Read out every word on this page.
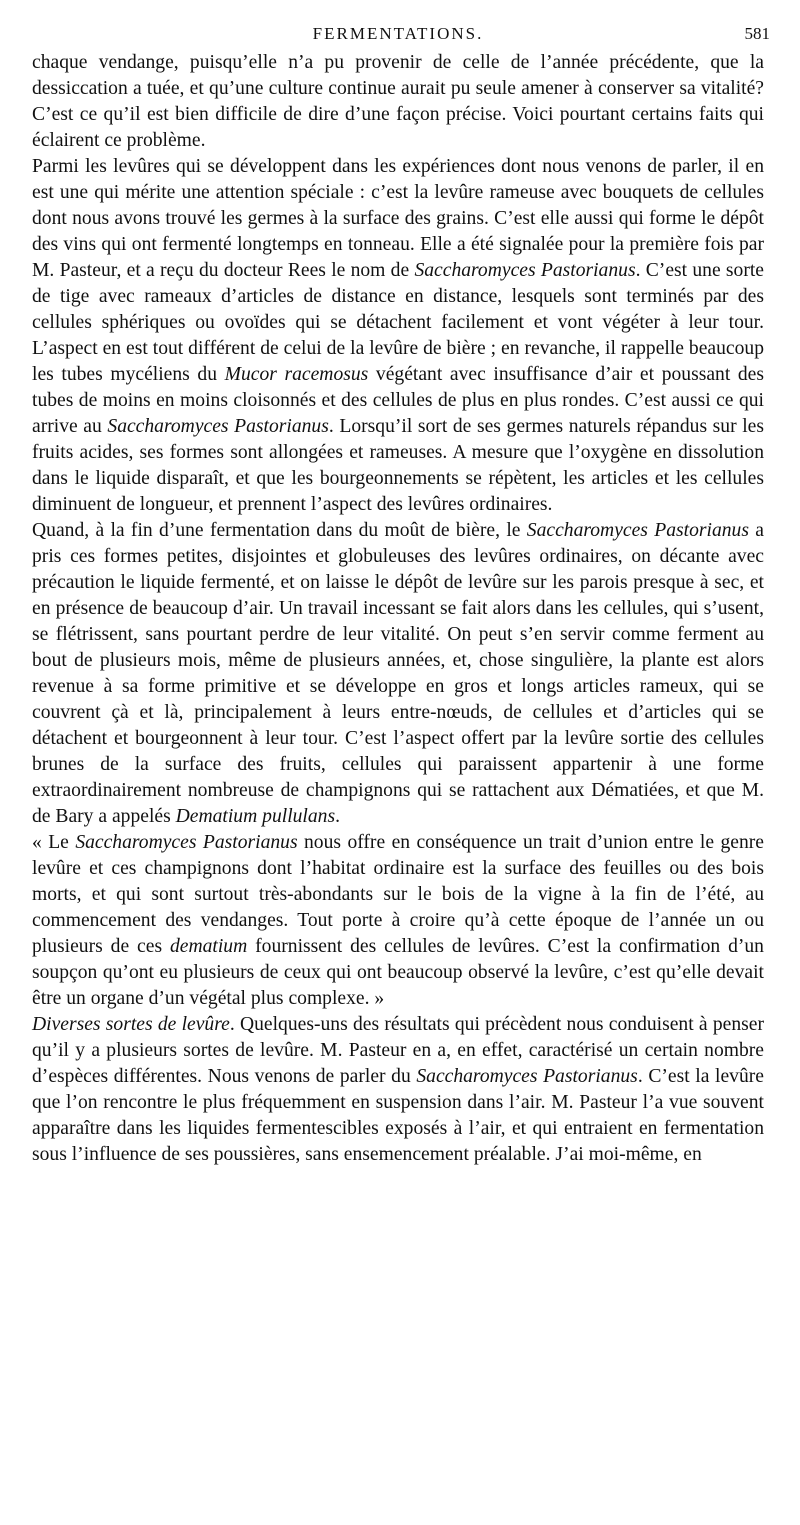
FERMENTATIONS.	581

chaque vendange, puisqu’elle n’a pu provenir de celle de l’année précédente, que la dessiccation a tuée, et qu’une culture continue aurait pu seule amener à conserver sa vitalité? C’est ce qu’il est bien difficile de dire d’une façon précise. Voici pourtant certains faits qui éclairent ce problème.

Parmi les levûres qui se développent dans les expériences dont nous venons de parler, il en est une qui mérite une attention spéciale : c’est la levûre rameuse avec bouquets de cellules dont nous avons trouvé les germes à la surface des grains. C’est elle aussi qui forme le dépôt des vins qui ont fermenté longtemps en tonneau. Elle a été signalée pour la première fois par M. Pasteur, et a reçu du docteur Rees le nom de Saccharomyces Pastorianus. C’est une sorte de tige avec rameaux d’articles de distance en distance, lesquels sont terminés par des cellules sphériques ou ovoïdes qui se détachent facilement et vont végéter à leur tour. L’aspect en est tout différent de celui de la levûre de bière ; en revanche, il rappelle beaucoup les tubes mycéliens du Mucor racemosus végétant avec insuffisance d’air et poussant des tubes de moins en moins cloisonnés et des cellules de plus en plus rondes. C’est aussi ce qui arrive au Saccharomyces Pastorianus. Lorsqu’il sort de ses germes naturels répandus sur les fruits acides, ses formes sont allongées et rameuses. A mesure que l’oxygène en dissolution dans le liquide disparaît, et que les bourgeonnements se répètent, les articles et les cellules diminuent de longueur, et prennent l’aspect des levûres ordinaires.

Quand, à la fin d’une fermentation dans du moût de bière, le Saccharomyces Pastorianus a pris ces formes petites, disjointes et globuleuses des levûres ordinaires, on décante avec précaution le liquide fermenté, et on laisse le dépôt de levûre sur les parois presque à sec, et en présence de beaucoup d’air. Un travail incessant se fait alors dans les cellules, qui s’usent, se flétrissent, sans pourtant perdre de leur vitalité. On peut s’en servir comme ferment au bout de plusieurs mois, même de plusieurs années, et, chose singulière, la plante est alors revenue à sa forme primitive et se développe en gros et longs articles rameux, qui se couvrent çà et là, principalement à leurs entre-nœuds, de cellules et d’articles qui se détachent et bourgeonnent à leur tour. C’est l’aspect offert par la levûre sortie des cellules brunes de la surface des fruits, cellules qui paraissent appartenir à une forme extraordinairement nombreuse de champignons qui se rattachent aux Dématiées, et que M. de Bary a appelés Dematium pullulans.

« Le Saccharomyces Pastorianus nous offre en conséquence un trait d’union entre le genre levûre et ces champignons dont l’habitat ordinaire est la surface des feuilles ou des bois morts, et qui sont surtout très-abondants sur le bois de la vigne à la fin de l’été, au commencement des vendanges. Tout porte à croire qu’à cette époque de l’année un ou plusieurs de ces dematium fournissent des cellules de levûres. C’est la confirmation d’un soupçon qu’ont eu plusieurs de ceux qui ont beaucoup observé la levûre, c’est qu’elle devait être un organe d’un végétal plus complexe. »

Diverses sortes de levûre. Quelques-uns des résultats qui précèdent nous conduisent à penser qu’il y a plusieurs sortes de levûre. M. Pasteur en a, en effet, caractérisé un certain nombre d’espèces différentes. Nous venons de parler du Saccharomyces Pastorianus. C’est la levûre que l’on rencontre le plus fréquemment en suspension dans l’air. M. Pasteur l’a vue souvent apparaître dans les liquides fermentescibles exposés à l’air, et qui entraient en fermentation sous l’influence de ses poussières, sans ensemencement préalable. J’ai moi-même, en
